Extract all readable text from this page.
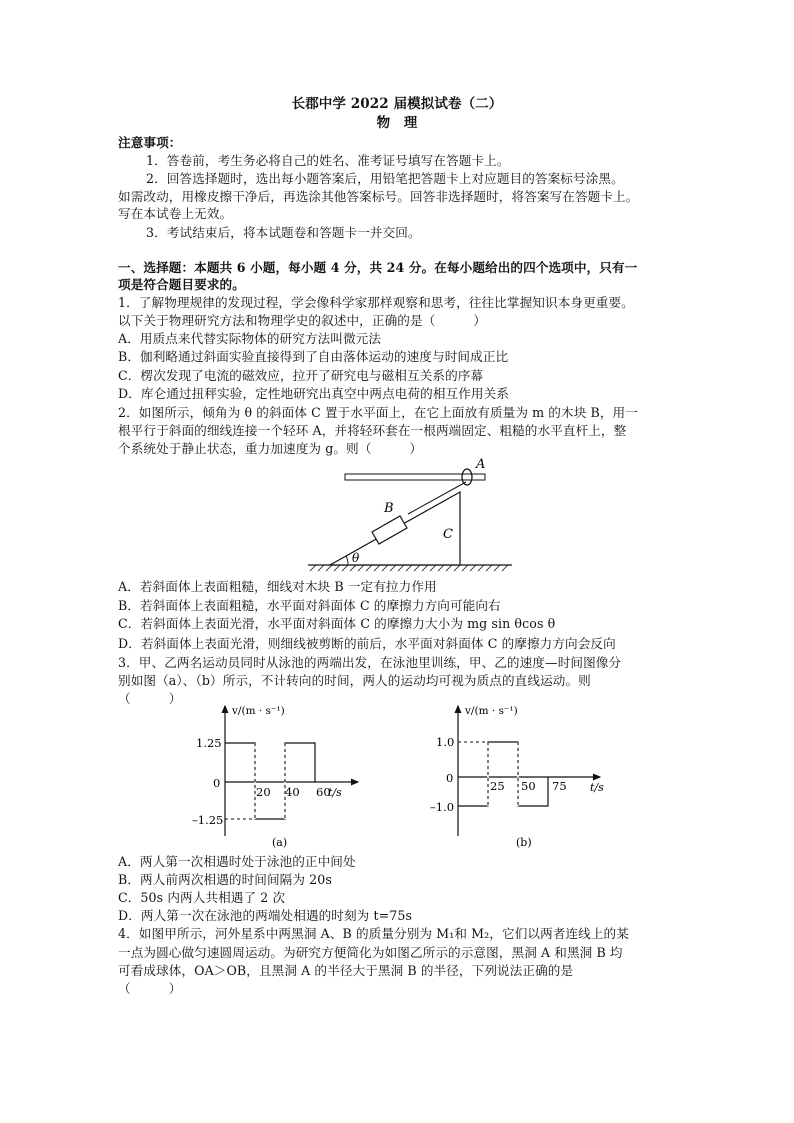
长郡中学 2022 届模拟试卷（二）
物　理
注意事项：
1．答卷前，考生务必将自己的姓名、准考证号填写在答题卡上。
2．回答选择题时，选出每小题答案后，用铅笔把答题卡上对应题目的答案标号涂黑。
如需改动，用橡皮擦干净后，再选涂其他答案标号。回答非选择题时，将答案写在答题卡上。
写在本试卷上无效。
3．考试结束后，将本试题卷和答题卡一并交回。
一、选择题：本题共 6 小题，每小题 4 分，共 24 分。在每小题给出的四个选项中，只有一
项是符合题目要求的。
1．了解物理规律的发现过程，学会像科学家那样观察和思考，往往比掌握知识本身更重要。
以下关于物理研究方法和物理学史的叙述中，正确的是（　　　）
A．用质点来代替实际物体的研究方法叫微元法
B．伽利略通过斜面实验直接得到了自由落体运动的速度与时间成正比
C．楞次发现了电流的磁效应，拉开了研究电与磁相互关系的序幕
D．库仑通过扭秤实验，定性地研究出真空中两点电荷的相互作用关系
2．如图所示，倾角为 θ 的斜面体 C 置于水平面上，在它上面放有质量为 m 的木块 B，用一
根平行于斜面的细线连接一个轻环 A，并将轻环套在一根两端固定、粗糙的水平直杆上，整
个系统处于静止状态，重力加速度为 g。则（　　　）
A
C
B
θ
A．若斜面体上表面粗糙，细线对木块 B 一定有拉力作用
B．若斜面体上表面粗糙，水平面对斜面体 C 的摩擦力方向可能向右
C．若斜面体上表面光滑，水平面对斜面体 C 的摩擦力大小为 mg sin θcos θ
D．若斜面体上表面光滑，则细线被剪断的前后，水平面对斜面体 C 的摩擦力方向会反向
3．甲、乙两名运动员同时从泳池的两端出发，在泳池里训练，甲、乙的速度—时间图像分
别如图（a）、（b）所示，不计转向的时间，两人的运动均可视为质点的直线运动。则
（　　　）
v/(m · s⁻¹)
t/s
1.25
0
–1.25
20 40 60
(a)
v/(m · s⁻¹)
t/s
1.0
0
–1.0
25 50 75
(b)
A．两人第一次相遇时处于泳池的正中间处
B．两人前两次相遇的时间间隔为 20s
C．50s 内两人共相遇了 2 次
D．两人第一次在泳池的两端处相遇的时刻为 t=75s
4．如图甲所示，河外星系中两黑洞 A、B 的质量分别为 M₁和 M₂，它们以两者连线上的某
一点为圆心做匀速圆周运动。为研究方便简化为如图乙所示的示意图，黑洞 A 和黑洞 B 均
可看成球体，OA＞OB，且黑洞 A 的半径大于黑洞 B 的半径，下列说法正确的是
（　　　）
